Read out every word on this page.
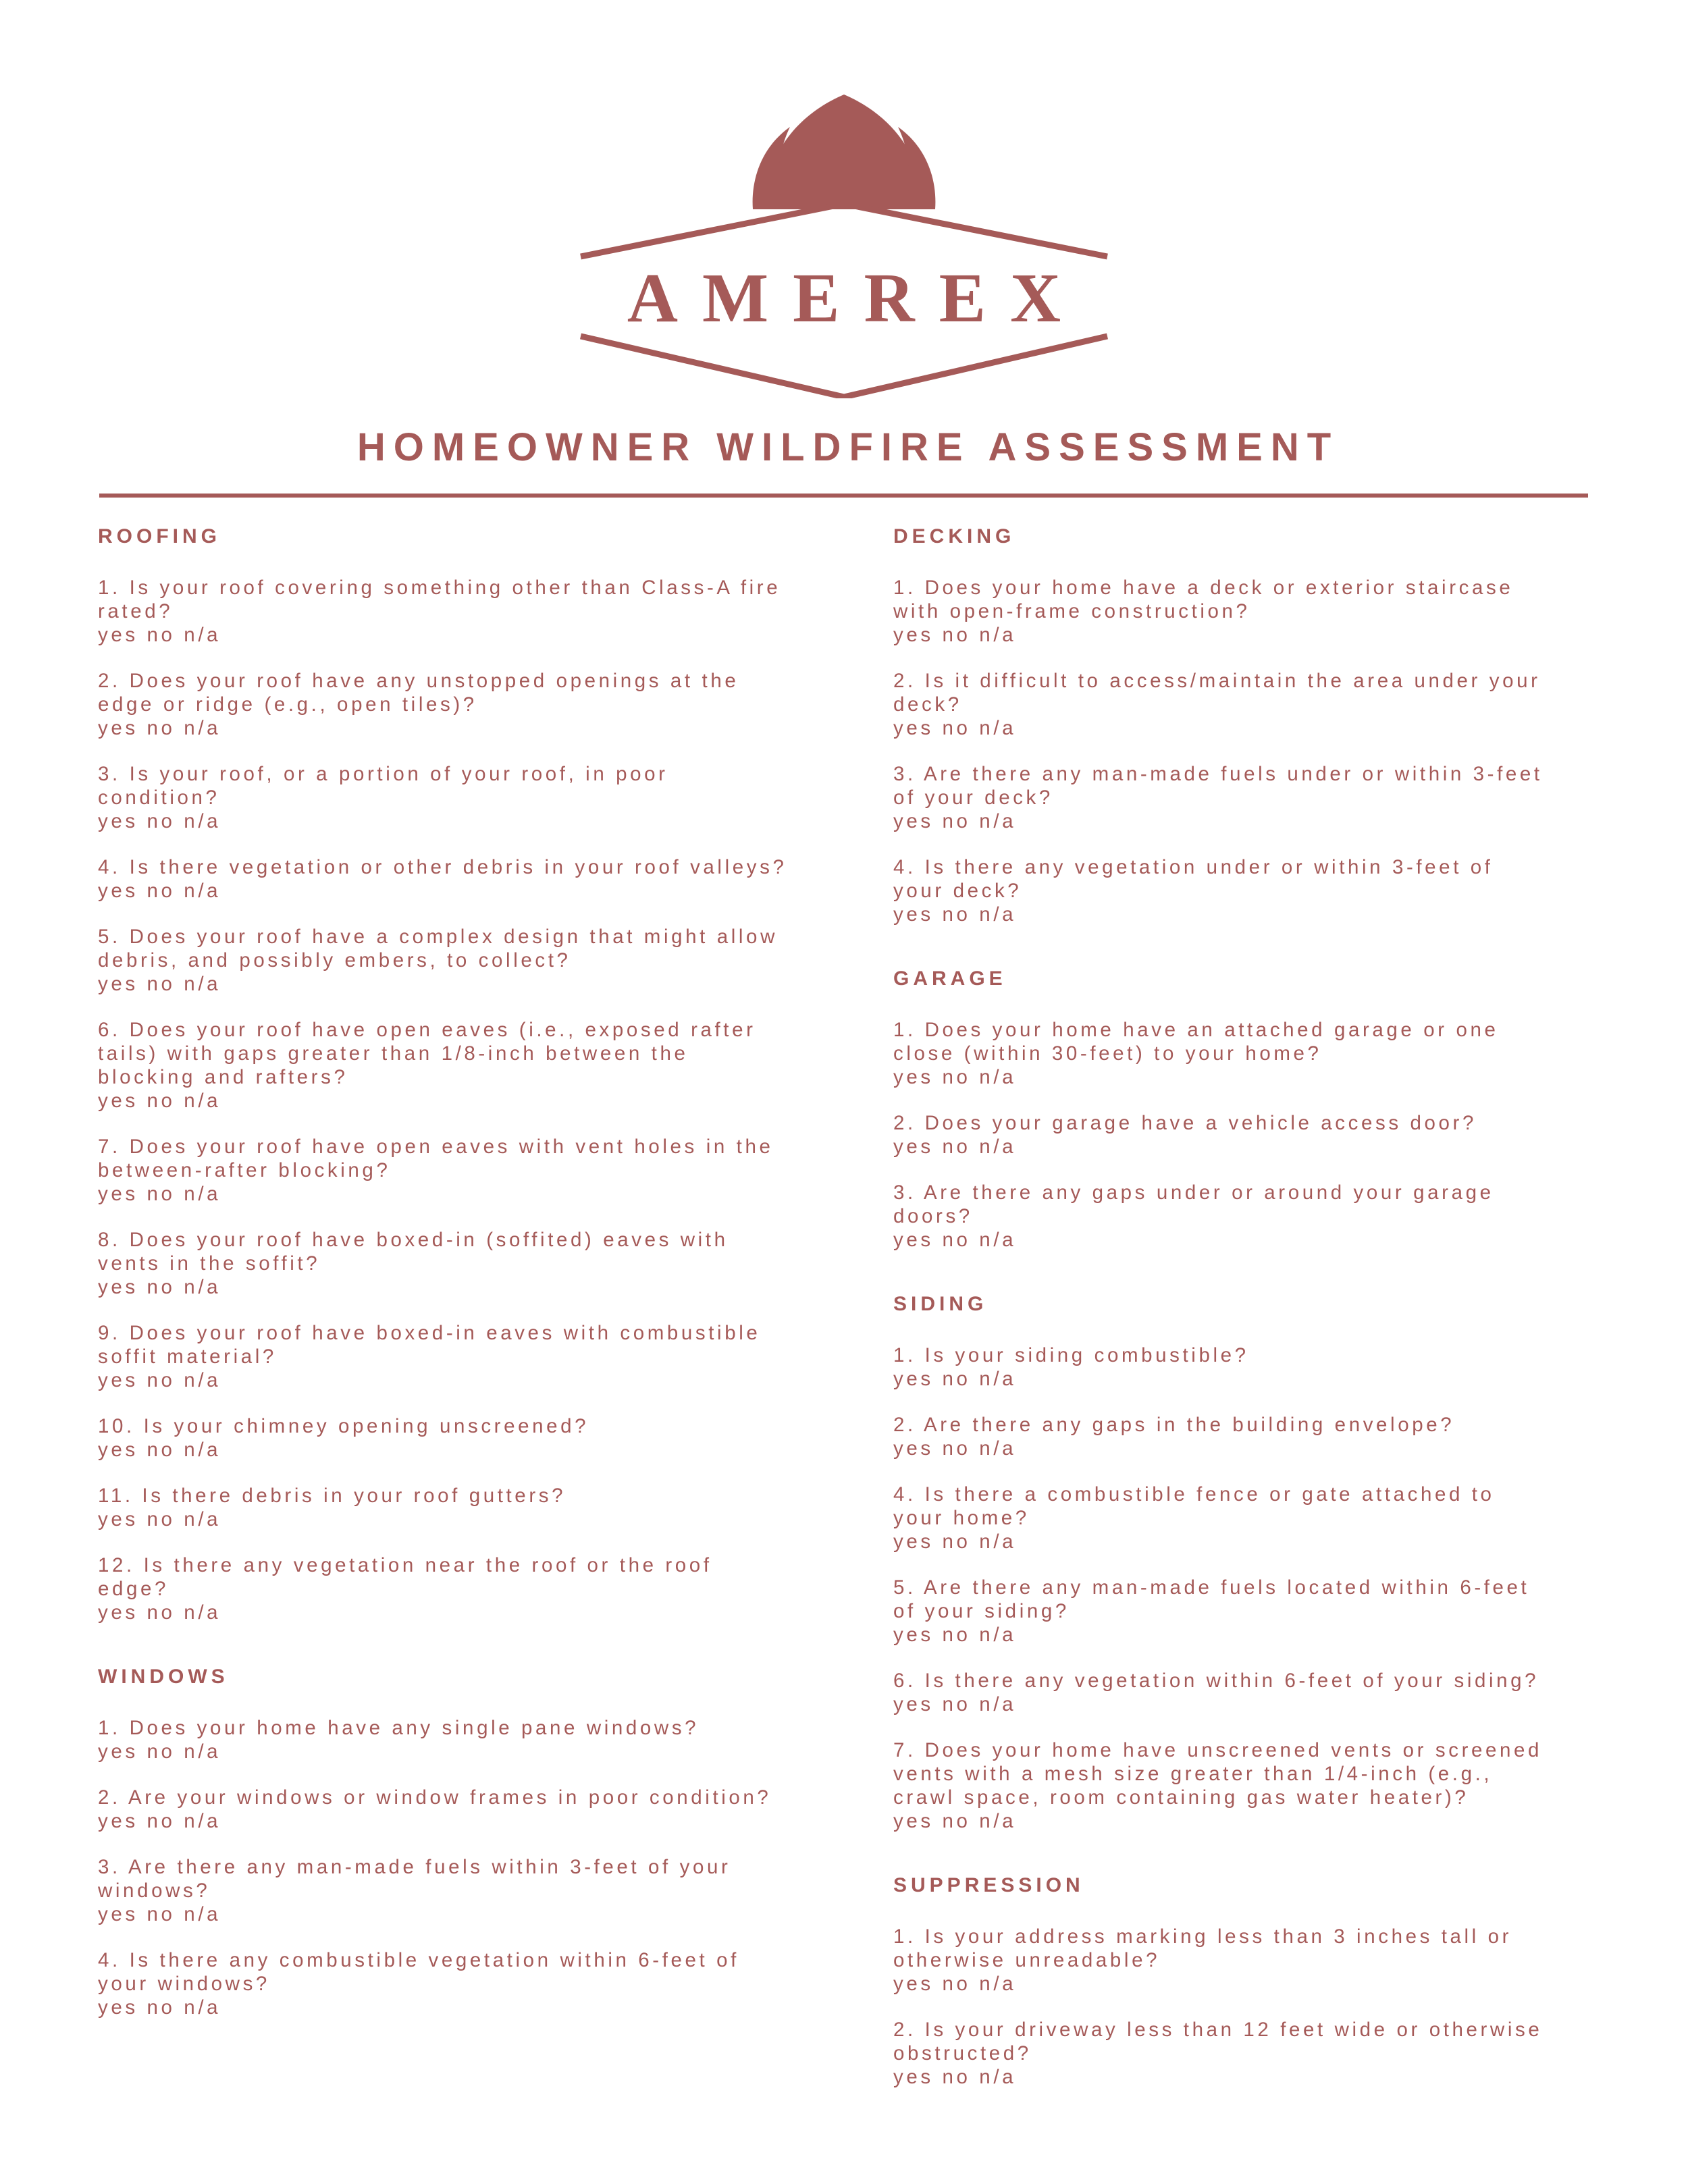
AMEREX
HOMEOWNER WILDFIRE ASSESSMENT
ROOFING
1. Is your roof covering something other than Class-A fire
rated?
yes no n/a
2. Does your roof have any unstopped openings at the
edge or ridge (e.g., open tiles)?
yes no n/a
3. Is your roof, or a portion of your roof, in poor
condition?
yes no n/a
4. Is there vegetation or other debris in your roof valleys?
yes no n/a
5. Does your roof have a complex design that might allow
debris, and possibly embers, to collect?
yes no n/a
6. Does your roof have open eaves (i.e., exposed rafter
tails) with gaps greater than 1/8-inch between the
blocking and rafters?
yes no n/a
7. Does your roof have open eaves with vent holes in the
between-rafter blocking?
yes no n/a
8. Does your roof have boxed-in (soffited) eaves with
vents in the soffit?
yes no n/a
9. Does your roof have boxed-in eaves with combustible
soffit material?
yes no n/a
10. Is your chimney opening unscreened?
yes no n/a
11. Is there debris in your roof gutters?
yes no n/a
12. Is there any vegetation near the roof or the roof
edge?
yes no n/a
WINDOWS
1. Does your home have any single pane windows?
yes no n/a
2. Are your windows or window frames in poor condition?
yes no n/a
3. Are there any man-made fuels within 3-feet of your
windows?
yes no n/a
4. Is there any combustible vegetation within 6-feet of
your windows?
yes no n/a
DECKING
1. Does your home have a deck or exterior staircase
with open-frame construction?
yes no n/a
2. Is it difficult to access/maintain the area under your
deck?
yes no n/a
3. Are there any man-made fuels under or within 3-feet
of your deck?
yes no n/a
4. Is there any vegetation under or within 3-feet of
your deck?
yes no n/a
GARAGE
1. Does your home have an attached garage or one
close (within 30-feet) to your home?
yes no n/a
2. Does your garage have a vehicle access door?
yes no n/a
3. Are there any gaps under or around your garage
doors?
yes no n/a
SIDING
1. Is your siding combustible?
yes no n/a
2. Are there any gaps in the building envelope?
yes no n/a
4. Is there a combustible fence or gate attached to
your home?
yes no n/a
5. Are there any man-made fuels located within 6-feet
of your siding?
yes no n/a
6. Is there any vegetation within 6-feet of your siding?
yes no n/a
7. Does your home have unscreened vents or screened
vents with a mesh size greater than 1/4-inch (e.g.,
crawl space, room containing gas water heater)?
yes no n/a
SUPPRESSION
1. Is your address marking less than 3 inches tall or
otherwise unreadable?
yes no n/a
2. Is your driveway less than 12 feet wide or otherwise
obstructed?
yes no n/a
